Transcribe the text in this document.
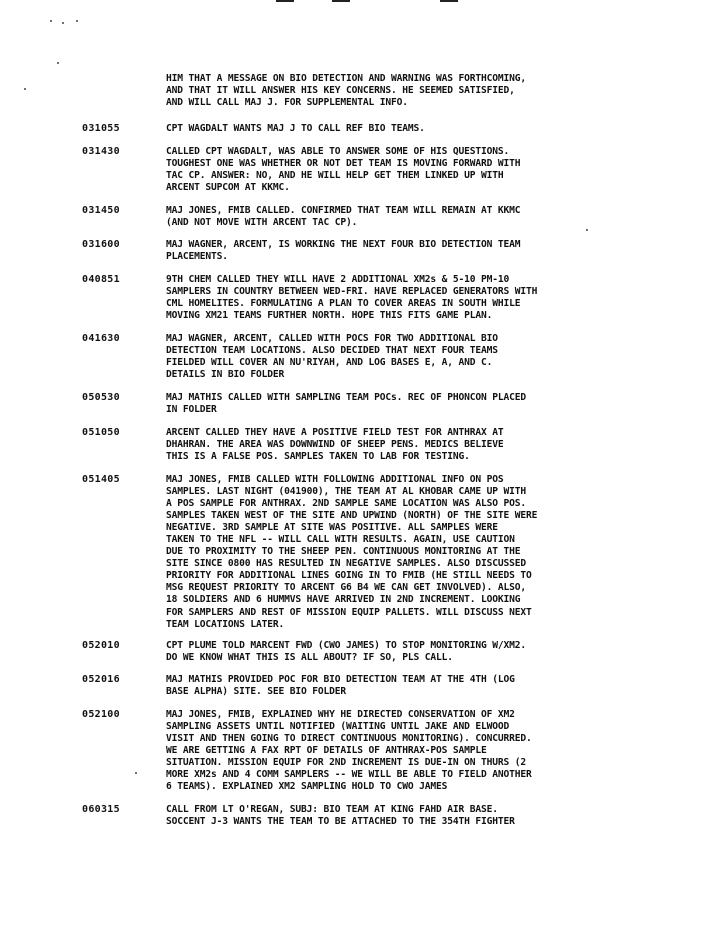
HIM THAT A MESSAGE ON BIO DETECTION AND WARNING WAS FORTHCOMING,
AND THAT IT WILL ANSWER HIS KEY CONCERNS. HE SEEMED SATISFIED,
AND WILL CALL MAJ J. FOR SUPPLEMENTAL INFO.
031055	CPT WAGDALT WANTS MAJ J TO CALL REF BIO TEAMS.
031430	CALLED CPT WAGDALT, WAS ABLE TO ANSWER SOME OF HIS QUESTIONS.
TOUGHEST ONE WAS WHETHER OR NOT DET TEAM IS MOVING FORWARD WITH
TAC CP. ANSWER: NO, AND HE WILL HELP GET THEM LINKED UP WITH
ARCENT SUPCOM AT KKMC.
031450	MAJ JONES, FMIB CALLED. CONFIRMED THAT TEAM WILL REMAIN AT KKMC
(AND NOT MOVE WITH ARCENT TAC CP).
031600	MAJ WAGNER, ARCENT, IS WORKING THE NEXT FOUR BIO DETECTION TEAM
PLACEMENTS.
040851	9TH CHEM CALLED THEY WILL HAVE 2 ADDITIONAL XM2s & 5-10 PM-10
SAMPLERS IN COUNTRY BETWEEN WED-FRI. HAVE REPLACED GENERATORS WITH
CML HOMELITES. FORMULATING A PLAN TO COVER AREAS IN SOUTH WHILE
MOVING XM21 TEAMS FURTHER NORTH. HOPE THIS FITS GAME PLAN.
041630	MAJ WAGNER, ARCENT, CALLED WITH POCS FOR TWO ADDITIONAL BIO
DETECTION TEAM LOCATIONS. ALSO DECIDED THAT NEXT FOUR TEAMS
FIELDED WILL COVER AN NU'RIYAH, AND LOG BASES E, A, AND C.
DETAILS IN BIO FOLDER
050530	MAJ MATHIS CALLED WITH SAMPLING TEAM POCs. REC OF PHONCON PLACED
IN FOLDER
051050	ARCENT CALLED THEY HAVE A POSITIVE FIELD TEST FOR ANTHRAX AT
DHAHRAN. THE AREA WAS DOWNWIND OF SHEEP PENS. MEDICS BELIEVE
THIS IS A FALSE POS. SAMPLES TAKEN TO LAB FOR TESTING.
051405	MAJ JONES, FMIB CALLED WITH FOLLOWING ADDITIONAL INFO ON POS
SAMPLES. LAST NIGHT (041900), THE TEAM AT AL KHOBAR CAME UP WITH
A POS SAMPLE FOR ANTHRAX. 2ND SAMPLE SAME LOCATION WAS ALSO POS.
SAMPLES TAKEN WEST OF THE SITE AND UPWIND (NORTH) OF THE SITE WERE
NEGATIVE. 3RD SAMPLE AT SITE WAS POSITIVE. ALL SAMPLES WERE
TAKEN TO THE NFL -- WILL CALL WITH RESULTS. AGAIN, USE CAUTION
DUE TO PROXIMITY TO THE SHEEP PEN. CONTINUOUS MONITORING AT THE
SITE SINCE 0800 HAS RESULTED IN NEGATIVE SAMPLES. ALSO DISCUSSED
PRIORITY FOR ADDITIONAL LINES GOING IN TO FMIB (HE STILL NEEDS TO
MSG REQUEST PRIORITY TO ARCENT G6 B4 WE CAN GET INVOLVED). ALSO,
18 SOLDIERS AND 6 HUMMVS HAVE ARRIVED IN 2ND INCREMENT. LOOKING
FOR SAMPLERS AND REST OF MISSION EQUIP PALLETS. WILL DISCUSS NEXT
TEAM LOCATIONS LATER.
052010	CPT PLUME TOLD MARCENT FWD (CWO JAMES) TO STOP MONITORING W/XM2.
DO WE KNOW WHAT THIS IS ALL ABOUT? IF SO, PLS CALL.
052016	MAJ MATHIS PROVIDED POC FOR BIO DETECTION TEAM AT THE 4TH (LOG
BASE ALPHA) SITE. SEE BIO FOLDER
052100	MAJ JONES, FMIB, EXPLAINED WHY HE DIRECTED CONSERVATION OF XM2
SAMPLING ASSETS UNTIL NOTIFIED (WAITING UNTIL JAKE AND ELWOOD
VISIT AND THEN GOING TO DIRECT CONTINUOUS MONITORING). CONCURRED.
WE ARE GETTING A FAX RPT OF DETAILS OF ANTHRAX-POS SAMPLE
SITUATION. MISSION EQUIP FOR 2ND INCREMENT IS DUE-IN ON THURS (2
MORE XM2s AND 4 COMM SAMPLERS -- WE WILL BE ABLE TO FIELD ANOTHER
6 TEAMS). EXPLAINED XM2 SAMPLING HOLD TO CWO JAMES
060315	CALL FROM LT O'REGAN, SUBJ: BIO TEAM AT KING FAHD AIR BASE.
SOCCENT J-3 WANTS THE TEAM TO BE ATTACHED TO THE 354TH FIGHTER
